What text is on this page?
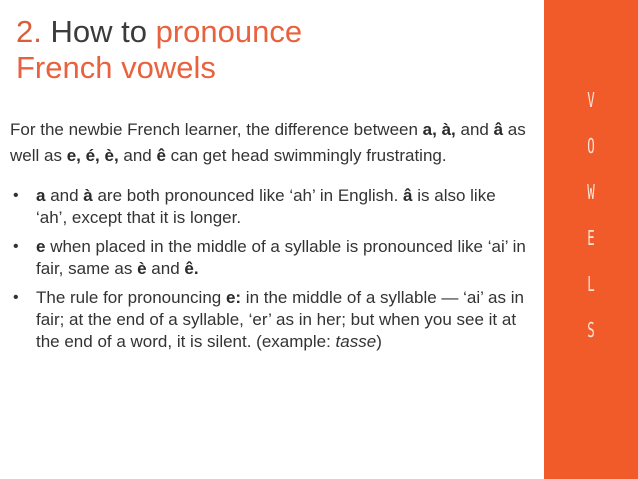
2. How to pronounce
French vowels

For the newbie French learner, the difference between a, à, and â as well as e, é, è, and ê can get head swimmingly frustrating.

• a and à are both pronounced like ‘ah’ in English. â is also like ‘ah’, except that it is longer.
• e when placed in the middle of a syllable is pronounced like ‘ai’ in fair, same as è and ê.
• The rule for pronouncing e: in the middle of a syllable — ‘ai’ as in fair; at the end of a syllable, ‘er’ as in her; but when you see it at the end of a word, it is silent. (example: tasse)
V
O
W
E
L
S
